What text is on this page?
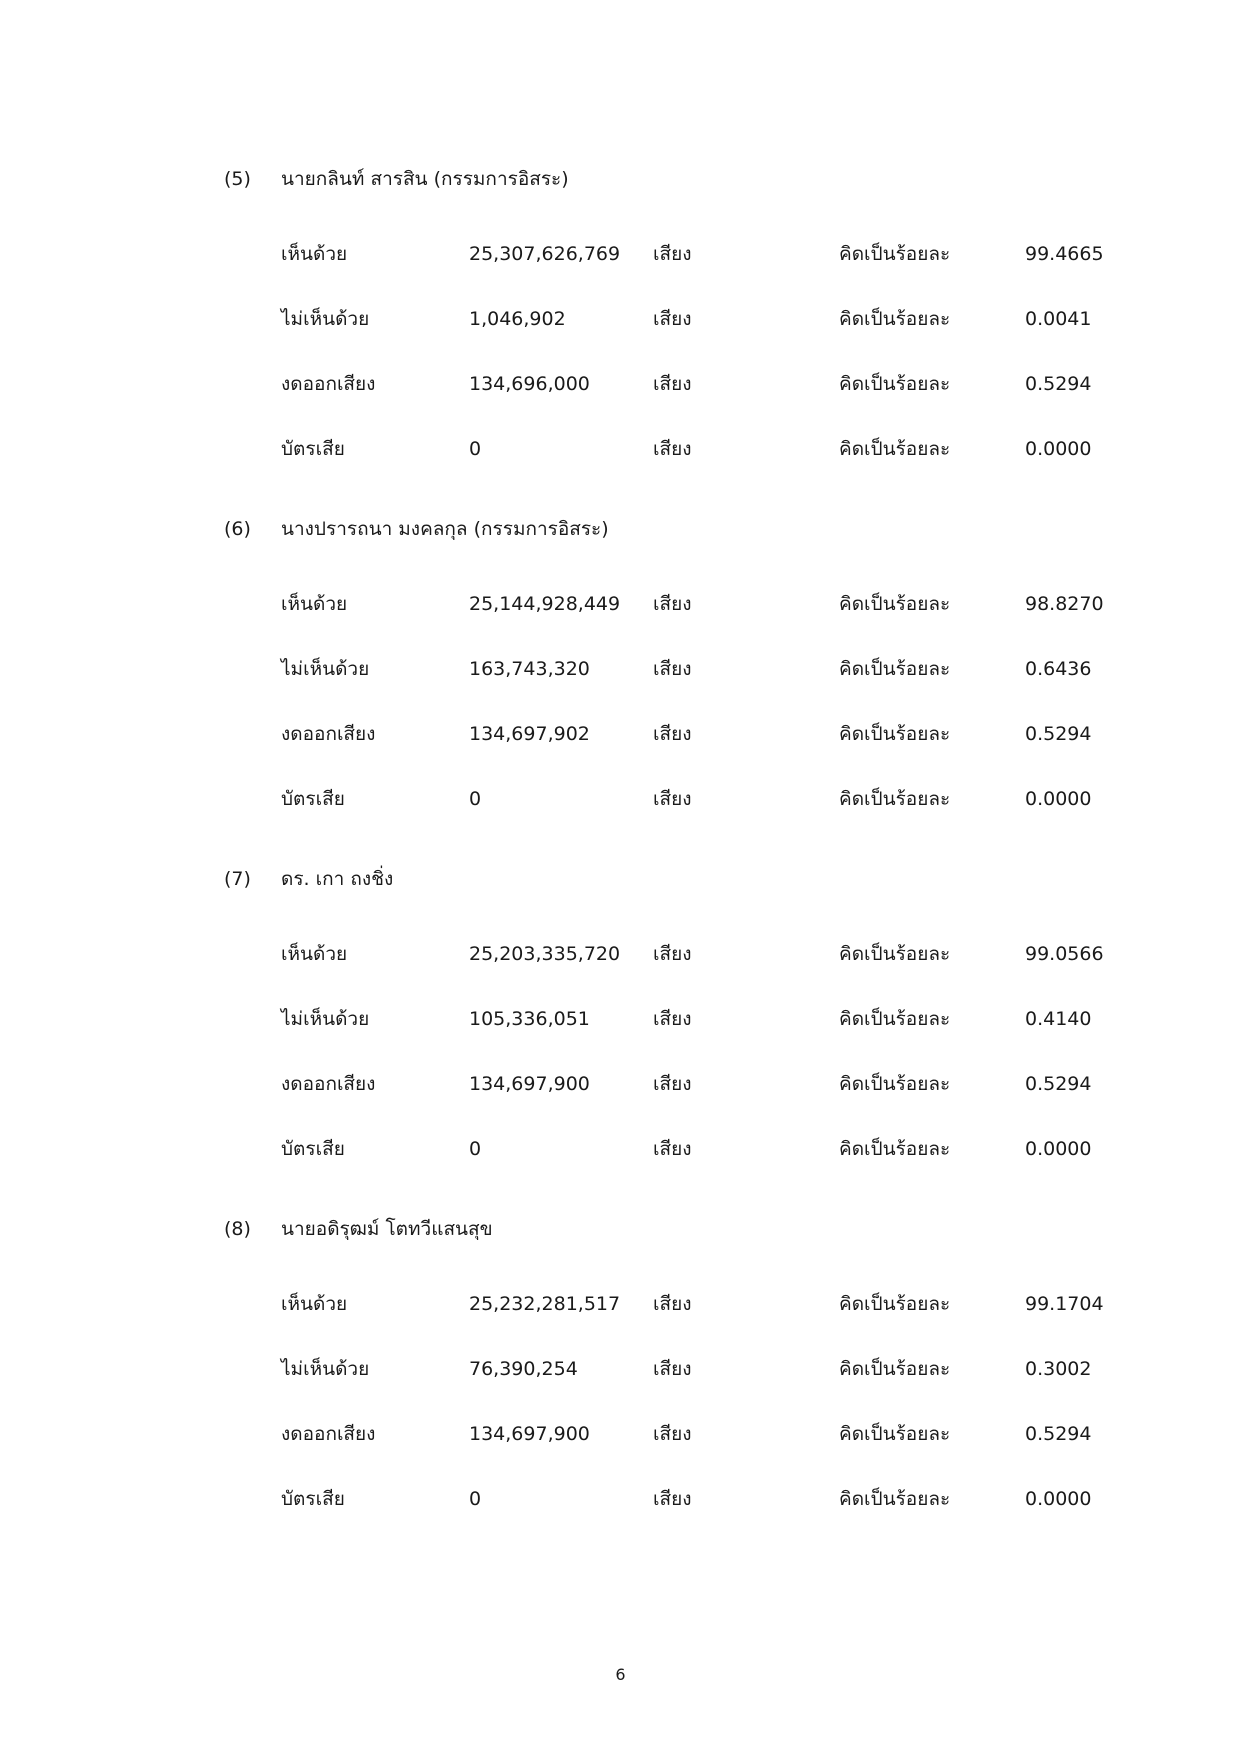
(5) นายกลินท์ สารสิน (กรรมการอิสระ)
เห็นด้วย	25,307,626,769 เสียง	คิดเป็นร้อยละ	99.4665
ไม่เห็นด้วย	1,046,902	เสียง	คิดเป็นร้อยละ	0.0041
งดออกเสียง	134,696,000	เสียง	คิดเป็นร้อยละ	0.5294
บัตรเสีย	0	เสียง	คิดเป็นร้อยละ	0.0000
(6) นางปรารถนา มงคลกุล (กรรมการอิสระ)
เห็นด้วย	25,144,928,449 เสียง	คิดเป็นร้อยละ	98.8270
ไม่เห็นด้วย	163,743,320	เสียง	คิดเป็นร้อยละ	0.6436
งดออกเสียง	134,697,902	เสียง	คิดเป็นร้อยละ	0.5294
บัตรเสีย	0	เสียง	คิดเป็นร้อยละ	0.0000
(7) ดร. เกา ถงชิ่ง
เห็นด้วย	25,203,335,720 เสียง	คิดเป็นร้อยละ	99.0566
ไม่เห็นด้วย	105,336,051	เสียง	คิดเป็นร้อยละ	0.4140
งดออกเสียง	134,697,900	เสียง	คิดเป็นร้อยละ	0.5294
บัตรเสีย	0	เสียง	คิดเป็นร้อยละ	0.0000
(8) นายอดิรุฒม์ โตทวีแสนสุข
เห็นด้วย	25,232,281,517 เสียง	คิดเป็นร้อยละ	99.1704
ไม่เห็นด้วย	76,390,254	เสียง	คิดเป็นร้อยละ	0.3002
งดออกเสียง	134,697,900	เสียง	คิดเป็นร้อยละ	0.5294
บัตรเสีย	0	เสียง	คิดเป็นร้อยละ	0.0000
6
